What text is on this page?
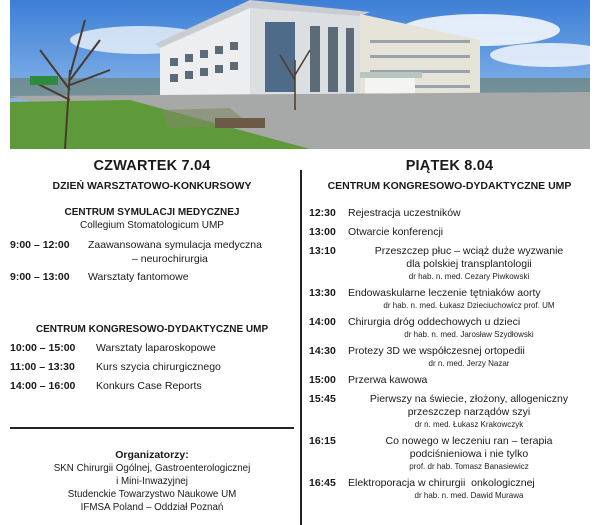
CZWARTEK 7.04
DZIEŃ WARSZTATOWO-KONKURSOWY
CENTRUM SYMULACJI MEDYCZNEJ
Collegium Stomatologicum UMP
9:00 – 12:00	Zaawansowana symulacja medyczna
– neurochirurgia
9:00 – 13:00	Warsztaty fantomowe
CENTRUM KONGRESOWO-DYDAKTYCZNE UMP
10:00 – 15:00	Warsztaty laparoskopowe
11:00 – 13:30	Kurs szycia chirurgicznego
14:00 – 16:00	Konkurs Case Reports
Organizatorzy:
SKN Chirurgii Ogólnej, Gastroenterologicznej
i Mini-Inwazyjnej
Studenckie Towarzystwo Naukowe UM
IFMSA Poland – Oddział Poznań
PIĄTEK 8.04
CENTRUM KONGRESOWO-DYDAKTYCZNE UMP
12:30	Rejestracja uczestników
13:00	Otwarcie konferencji
13:10	Przeszczep płuc – wciąż duże wyzwanie
dla polskiej transplantologii
dr hab. n. med. Cezary Piwkowski
13:30	Endowaskularne leczenie tętniaków aorty
dr hab. n. med. Łukasz Dzieciuchowicz prof. UM
14:00	Chirurgia dróg oddechowych u dzieci
dr hab. n. med. Jarosław Szydłowski
14:30	Protezy 3D we współczesnej ortopedii
dr n. med. Jerzy Nazar
15:00	Przerwa kawowa
15:45	Pierwszy na świecie, złożony, allogeniczny
przeszczep narządów szyi
dr n. med. Łukasz Krakowczyk
16:15	Co nowego w leczeniu ran – terapia
podciśnieniowa i nie tylko
prof. dr hab. Tomasz Banasiewicz
16:45	Elektroporacja w chirurgii  onkologicznej
dr hab. n. med. Dawid Murawa
